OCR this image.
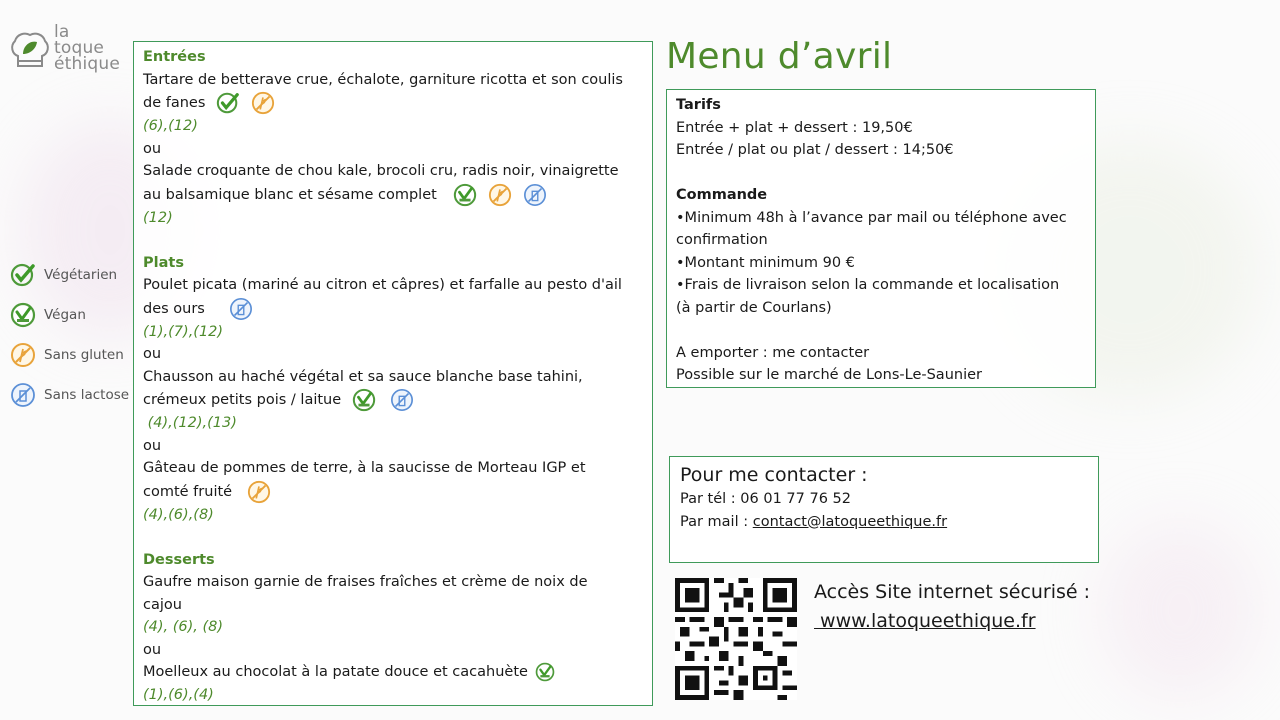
la
toque
éthique
Végétarien
Végan
Sans gluten
Sans lactose
Entrées
Tartare de betterave crue, échalote, garniture ricotta et son coulis
de fanes
(6),(12)
ou
Salade croquante de chou kale, brocoli cru, radis noir, vinaigrette
au balsamique blanc et sésame complet
(12)
Plats
Poulet picata (mariné au citron et câpres) et farfalle au pesto d'ail
des ours
(1),(7),(12)
ou
Chausson au haché végétal et sa sauce blanche base tahini,
crémeux petits pois / laitue
(4),(12),(13)
ou
Gâteau de pommes de terre, à la saucisse de Morteau IGP et
comté fruité
(4),(6),(8)
Desserts
Gaufre maison garnie de fraises fraîches et crème de noix de
cajou
(4), (6), (8)
ou
Moelleux au chocolat à la patate douce et cacahuète
(1),(6),(4)
Menu d’avril
Tarifs
Entrée + plat + dessert : 19,50€
Entrée / plat ou plat / dessert : 14;50€
Commande
•Minimum 48h à l’avance par mail ou téléphone avec
confirmation
•Montant minimum 90 €
•Frais de livraison selon la commande et localisation
(à partir de Courlans)
A emporter : me contacter
Possible sur le marché de Lons-Le-Saunier
Pour me contacter :
Par tél : 06 01 77 76 52
Par mail : contact@latoqueethique.fr
Accès Site internet sécurisé :
www.latoqueethique.fr
